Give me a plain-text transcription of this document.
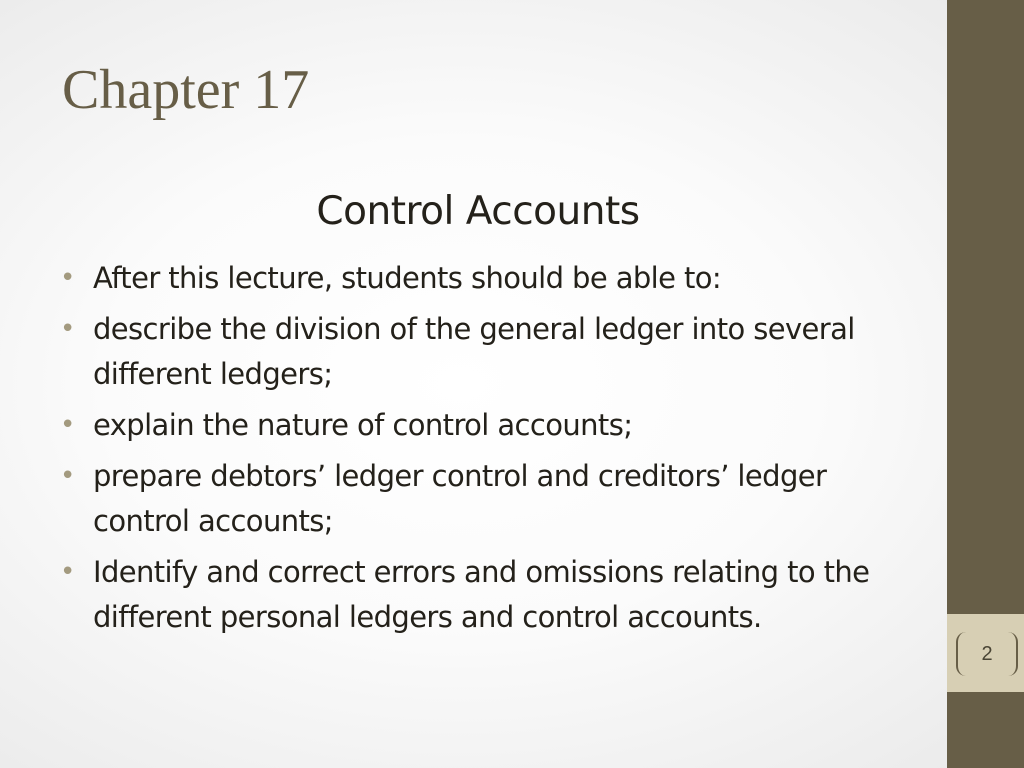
2
Chapter 17
Control Accounts
• After this lecture, students should be able to:
• describe the division of the general ledger into several different ledgers;
• explain the nature of control accounts;
• prepare debtors’ ledger control and creditors’ ledger control accounts;
• Identify and correct errors and omissions relating to the different personal ledgers and control accounts.
